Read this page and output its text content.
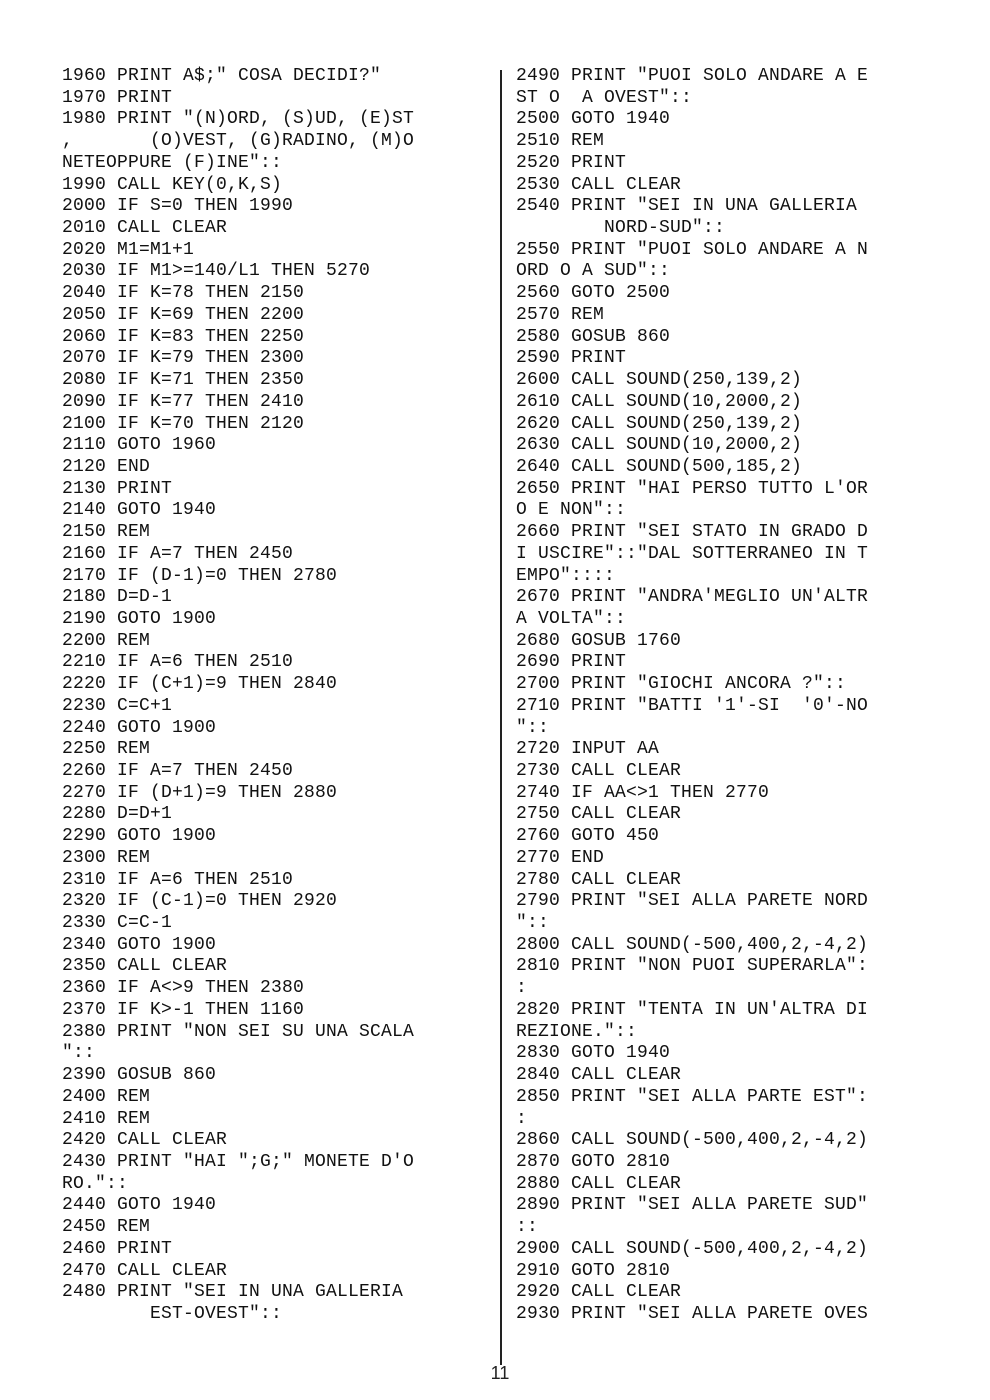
1960 PRINT A$;" COSA DECIDI?"
1970 PRINT
1980 PRINT "(N)ORD, (S)UD, (E)ST
,       (O)VEST, (G)RADINO, (M)O
NETEOPPURE (F)INE"::
1990 CALL KEY(0,K,S)
2000 IF S=0 THEN 1990
2010 CALL CLEAR
2020 M1=M1+1
2030 IF M1>=140/L1 THEN 5270
2040 IF K=78 THEN 2150
2050 IF K=69 THEN 2200
2060 IF K=83 THEN 2250
2070 IF K=79 THEN 2300
2080 IF K=71 THEN 2350
2090 IF K=77 THEN 2410
2100 IF K=70 THEN 2120
2110 GOTO 1960
2120 END
2130 PRINT
2140 GOTO 1940
2150 REM
2160 IF A=7 THEN 2450
2170 IF (D-1)=0 THEN 2780
2180 D=D-1
2190 GOTO 1900
2200 REM
2210 IF A=6 THEN 2510
2220 IF (C+1)=9 THEN 2840
2230 C=C+1
2240 GOTO 1900
2250 REM
2260 IF A=7 THEN 2450
2270 IF (D+1)=9 THEN 2880
2280 D=D+1
2290 GOTO 1900
2300 REM
2310 IF A=6 THEN 2510
2320 IF (C-1)=0 THEN 2920
2330 C=C-1
2340 GOTO 1900
2350 CALL CLEAR
2360 IF A<>9 THEN 2380
2370 IF K>-1 THEN 1160
2380 PRINT "NON SEI SU UNA SCALA
"::
2390 GOSUB 860
2400 REM
2410 REM
2420 CALL CLEAR
2430 PRINT "HAI ";G;" MONETE D'O
RO."::
2440 GOTO 1940
2450 REM
2460 PRINT
2470 CALL CLEAR
2480 PRINT "SEI IN UNA GALLERIA
EST-OVEST"::
2490 PRINT "PUOI SOLO ANDARE A E
ST O  A OVEST"::
2500 GOTO 1940
2510 REM
2520 PRINT
2530 CALL CLEAR
2540 PRINT "SEI IN UNA GALLERIA
NORD-SUD"::
2550 PRINT "PUOI SOLO ANDARE A N
ORD O A SUD"::
2560 GOTO 2500
2570 REM
2580 GOSUB 860
2590 PRINT
2600 CALL SOUND(250,139,2)
2610 CALL SOUND(10,2000,2)
2620 CALL SOUND(250,139,2)
2630 CALL SOUND(10,2000,2)
2640 CALL SOUND(500,185,2)
2650 PRINT "HAI PERSO TUTTO L'OR
O E NON"::
2660 PRINT "SEI STATO IN GRADO D
I USCIRE"::"DAL SOTTERRANEO IN T
EMPO"::::
2670 PRINT "ANDRA'MEGLIO UN'ALTR
A VOLTA"::
2680 GOSUB 1760
2690 PRINT
2700 PRINT "GIOCHI ANCORA ?"::
2710 PRINT "BATTI '1'-SI  '0'-NO
"::
2720 INPUT AA
2730 CALL CLEAR
2740 IF AA<>1 THEN 2770
2750 CALL CLEAR
2760 GOTO 450
2770 END
2780 CALL CLEAR
2790 PRINT "SEI ALLA PARETE NORD
"::
2800 CALL SOUND(-500,400,2,-4,2)
2810 PRINT "NON PUOI SUPERARLA":
:
2820 PRINT "TENTA IN UN'ALTRA DI
REZIONE."::
2830 GOTO 1940
2840 CALL CLEAR
2850 PRINT "SEI ALLA PARTE EST":
:
2860 CALL SOUND(-500,400,2,-4,2)
2870 GOTO 2810
2880 CALL CLEAR
2890 PRINT "SEI ALLA PARETE SUD"
::
2900 CALL SOUND(-500,400,2,-4,2)
2910 GOTO 2810
2920 CALL CLEAR
2930 PRINT "SEI ALLA PARETE OVES
11
